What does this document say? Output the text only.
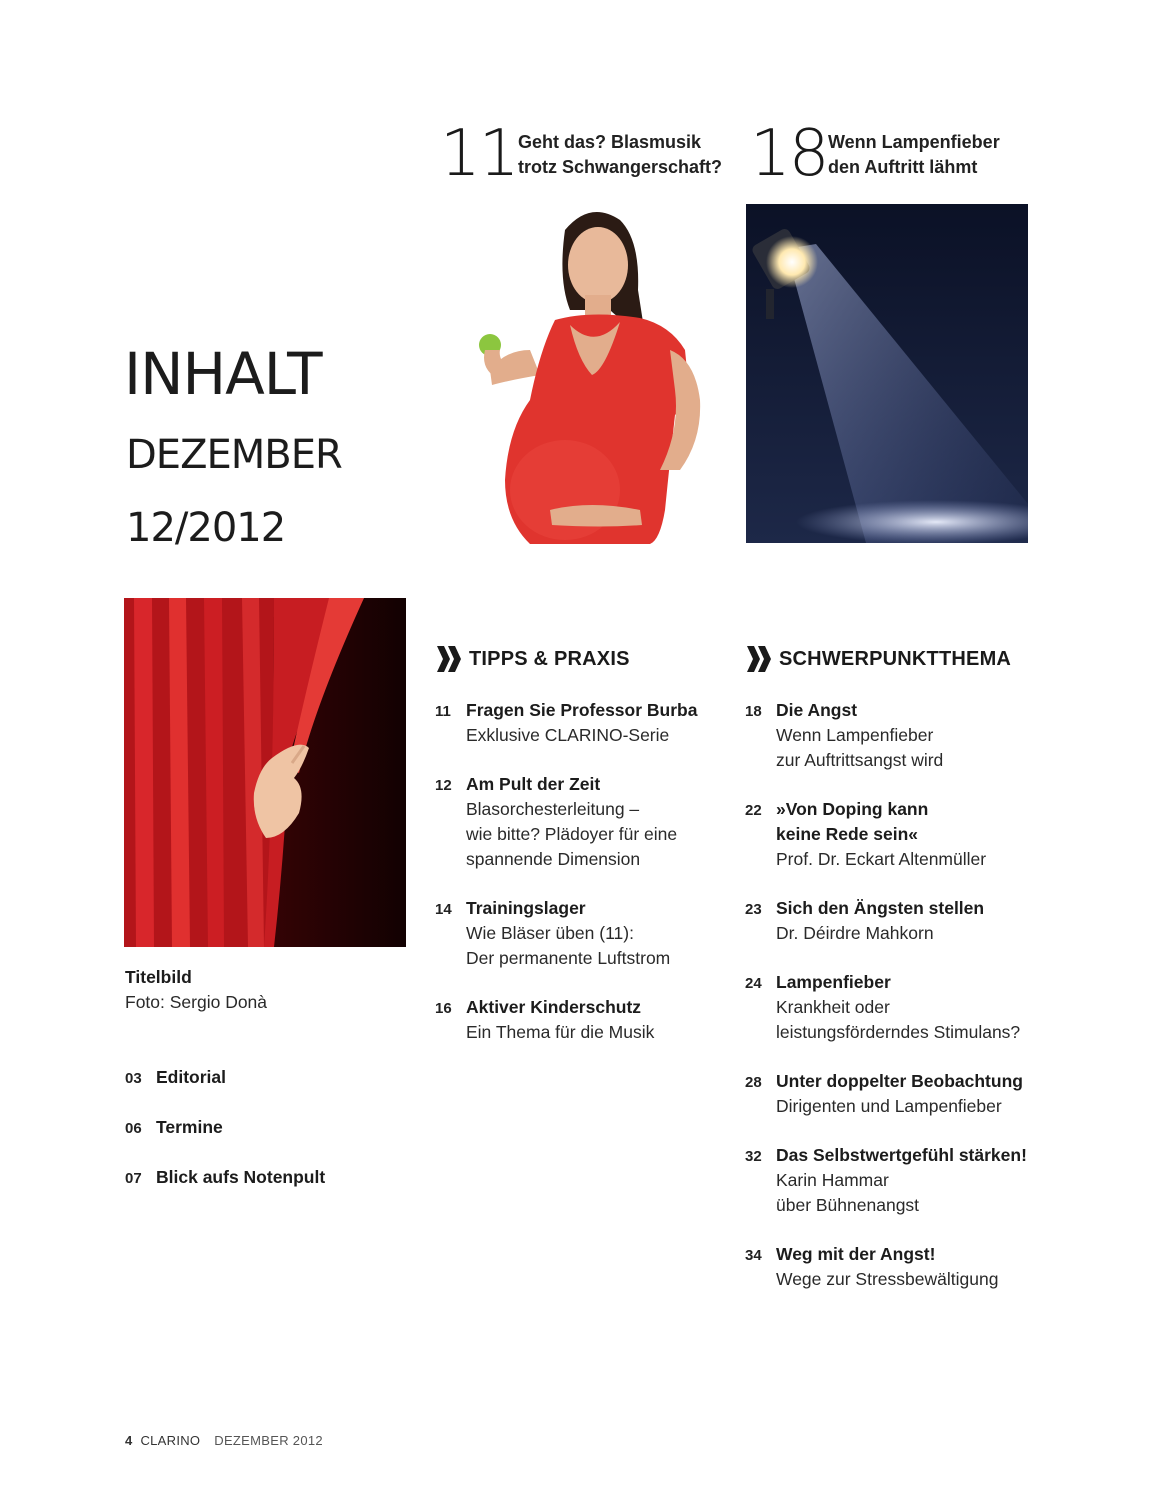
11 Geht das? Blasmusik
trotz Schwangerschaft? 18 Wenn Lampenfieber
den Auftritt lähmt
INHALT
DEZEMBER
12/2012
Titelbild
Foto: Sergio Donà
03 Editorial
06 Termine
07 Blick aufs Notenpult
TIPPS & PRAXIS
11 Fragen Sie Professor Burba
Exklusive CLARINO-Serie
12 Am Pult der Zeit
Blasorchesterleitung –
wie bitte? Plädoyer für eine
spannende Dimension
14 Trainingslager
Wie Bläser üben (11):
Der permanente Luftstrom
16 Aktiver Kinderschutz
Ein Thema für die Musik
SCHWERPUNKTTHEMA
18 Die Angst
Wenn Lampenfieber
zur Auftrittsangst wird
22 »Von Doping kann
keine Rede sein«
Prof. Dr. Eckart Altenmüller
23 Sich den Ängsten stellen
Dr. Déirdre Mahkorn
24 Lampenfieber
Krankheit oder
leistungsförderndes Stimulans?
28 Unter doppelter Beobachtung
Dirigenten und Lampenfieber
32 Das Selbstwertgefühl stärken!
Karin Hammar
über Bühnenangst
34 Weg mit der Angst!
Wege zur Stressbewältigung
4 CLARINO DEZEMBER 2012
